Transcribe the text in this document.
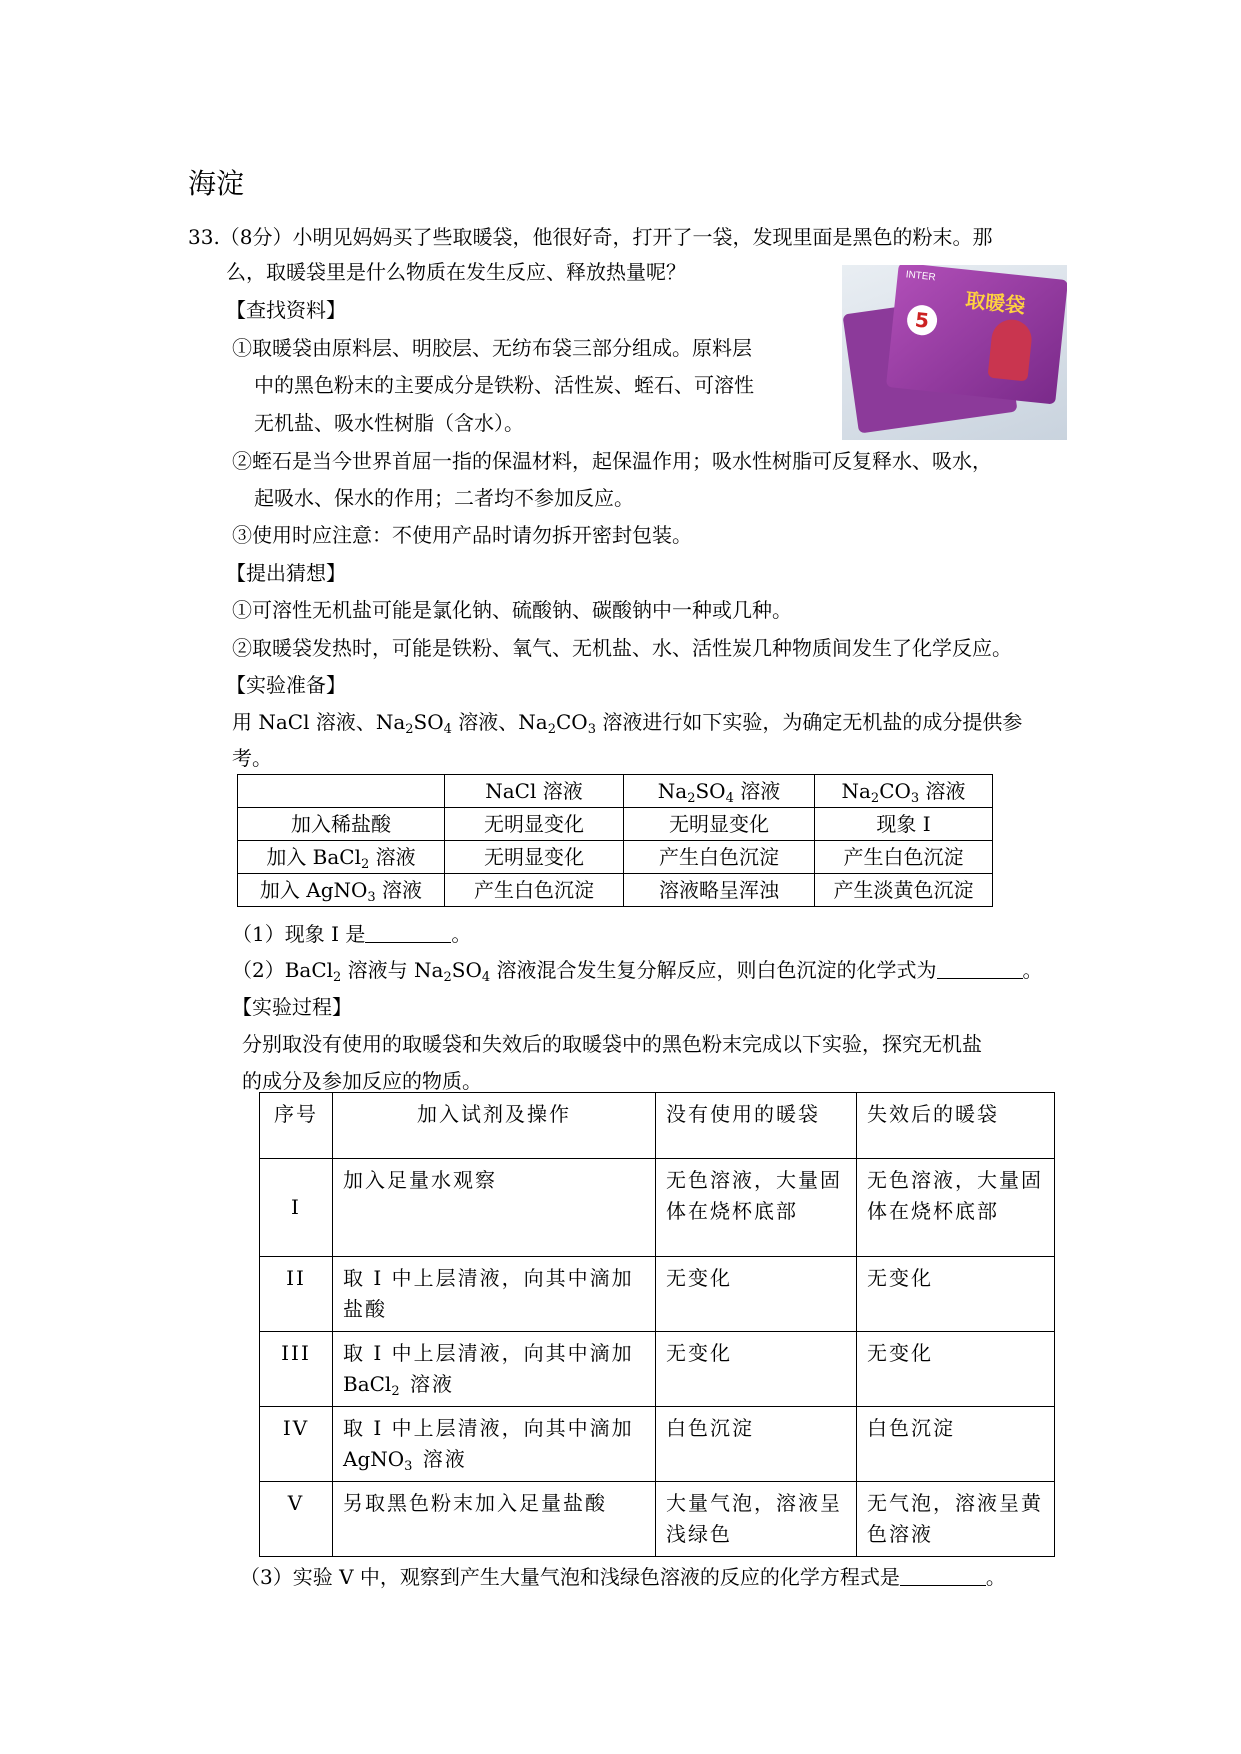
海淀
33.（8分）小明见妈妈买了些取暖袋，他很好奇，打开了一袋，发现里面是黑色的粉末。那
么，取暖袋里是什么物质在发生反应、释放热量呢？
【查找资料】
①取暖袋由原料层、明胶层、无纺布袋三部分组成。原料层
中的黑色粉末的主要成分是铁粉、活性炭、蛭石、可溶性
无机盐、吸水性树脂（含水）。
INTER
取暖袋
5
②蛭石是当今世界首屈一指的保温材料，起保温作用；吸水性树脂可反复释水、吸水，
起吸水、保水的作用；二者均不参加反应。
③使用时应注意：不使用产品时请勿拆开密封包装。
【提出猜想】
①可溶性无机盐可能是氯化钠、硫酸钠、碳酸钠中一种或几种。
②取暖袋发热时，可能是铁粉、氧气、无机盐、水、活性炭几种物质间发生了化学反应。
【实验准备】
用 NaCl 溶液、$Na_2SO_4$ 溶液、$Na_2CO_3$ 溶液进行如下实验，为确定无机盐的成分提供参
考。
	NaCl 溶液	$Na_2SO_4$ 溶液	$Na_2CO_3$ 溶液
加入稀盐酸	无明显变化	无明显变化	现象 I
加入 BaCl$_2$ 溶液	无明显变化	产生白色沉淀	产生白色沉淀
加入 AgNO$_3$ 溶液	产生白色沉淀	溶液略呈浑浊	产生淡黄色沉淀
（1）现象 I 是	。
（2）BaCl$_2$ 溶液与 $Na_2SO_4$ 溶液混合发生复分解反应，则白色沉淀的化学式为	。
【实验过程】
分别取没有使用的取暖袋和失效后的取暖袋中的黑色粉末完成以下实验，探究无机盐
的成分及参加反应的物质。
序号	加入试剂及操作	没有使用的暖袋	失效后的暖袋
I	加入足量水观察	无色溶液，大量固体在烧杯底部	无色溶液，大量固体在烧杯底部
II	取 I 中上层清液，向其中滴加盐酸	无变化	无变化
III	取 I 中上层清液，向其中滴加
BaCl$_2$ 溶液	无变化	无变化
IV	取 I 中上层清液，向其中滴加
AgNO$_3$ 溶液	白色沉淀	白色沉淀
V	另取黑色粉末加入足量盐酸	大量气泡，溶液呈浅绿色	无气泡，溶液呈黄色溶液
（3）实验 V 中，观察到产生大量气泡和浅绿色溶液的反应的化学方程式是	。
